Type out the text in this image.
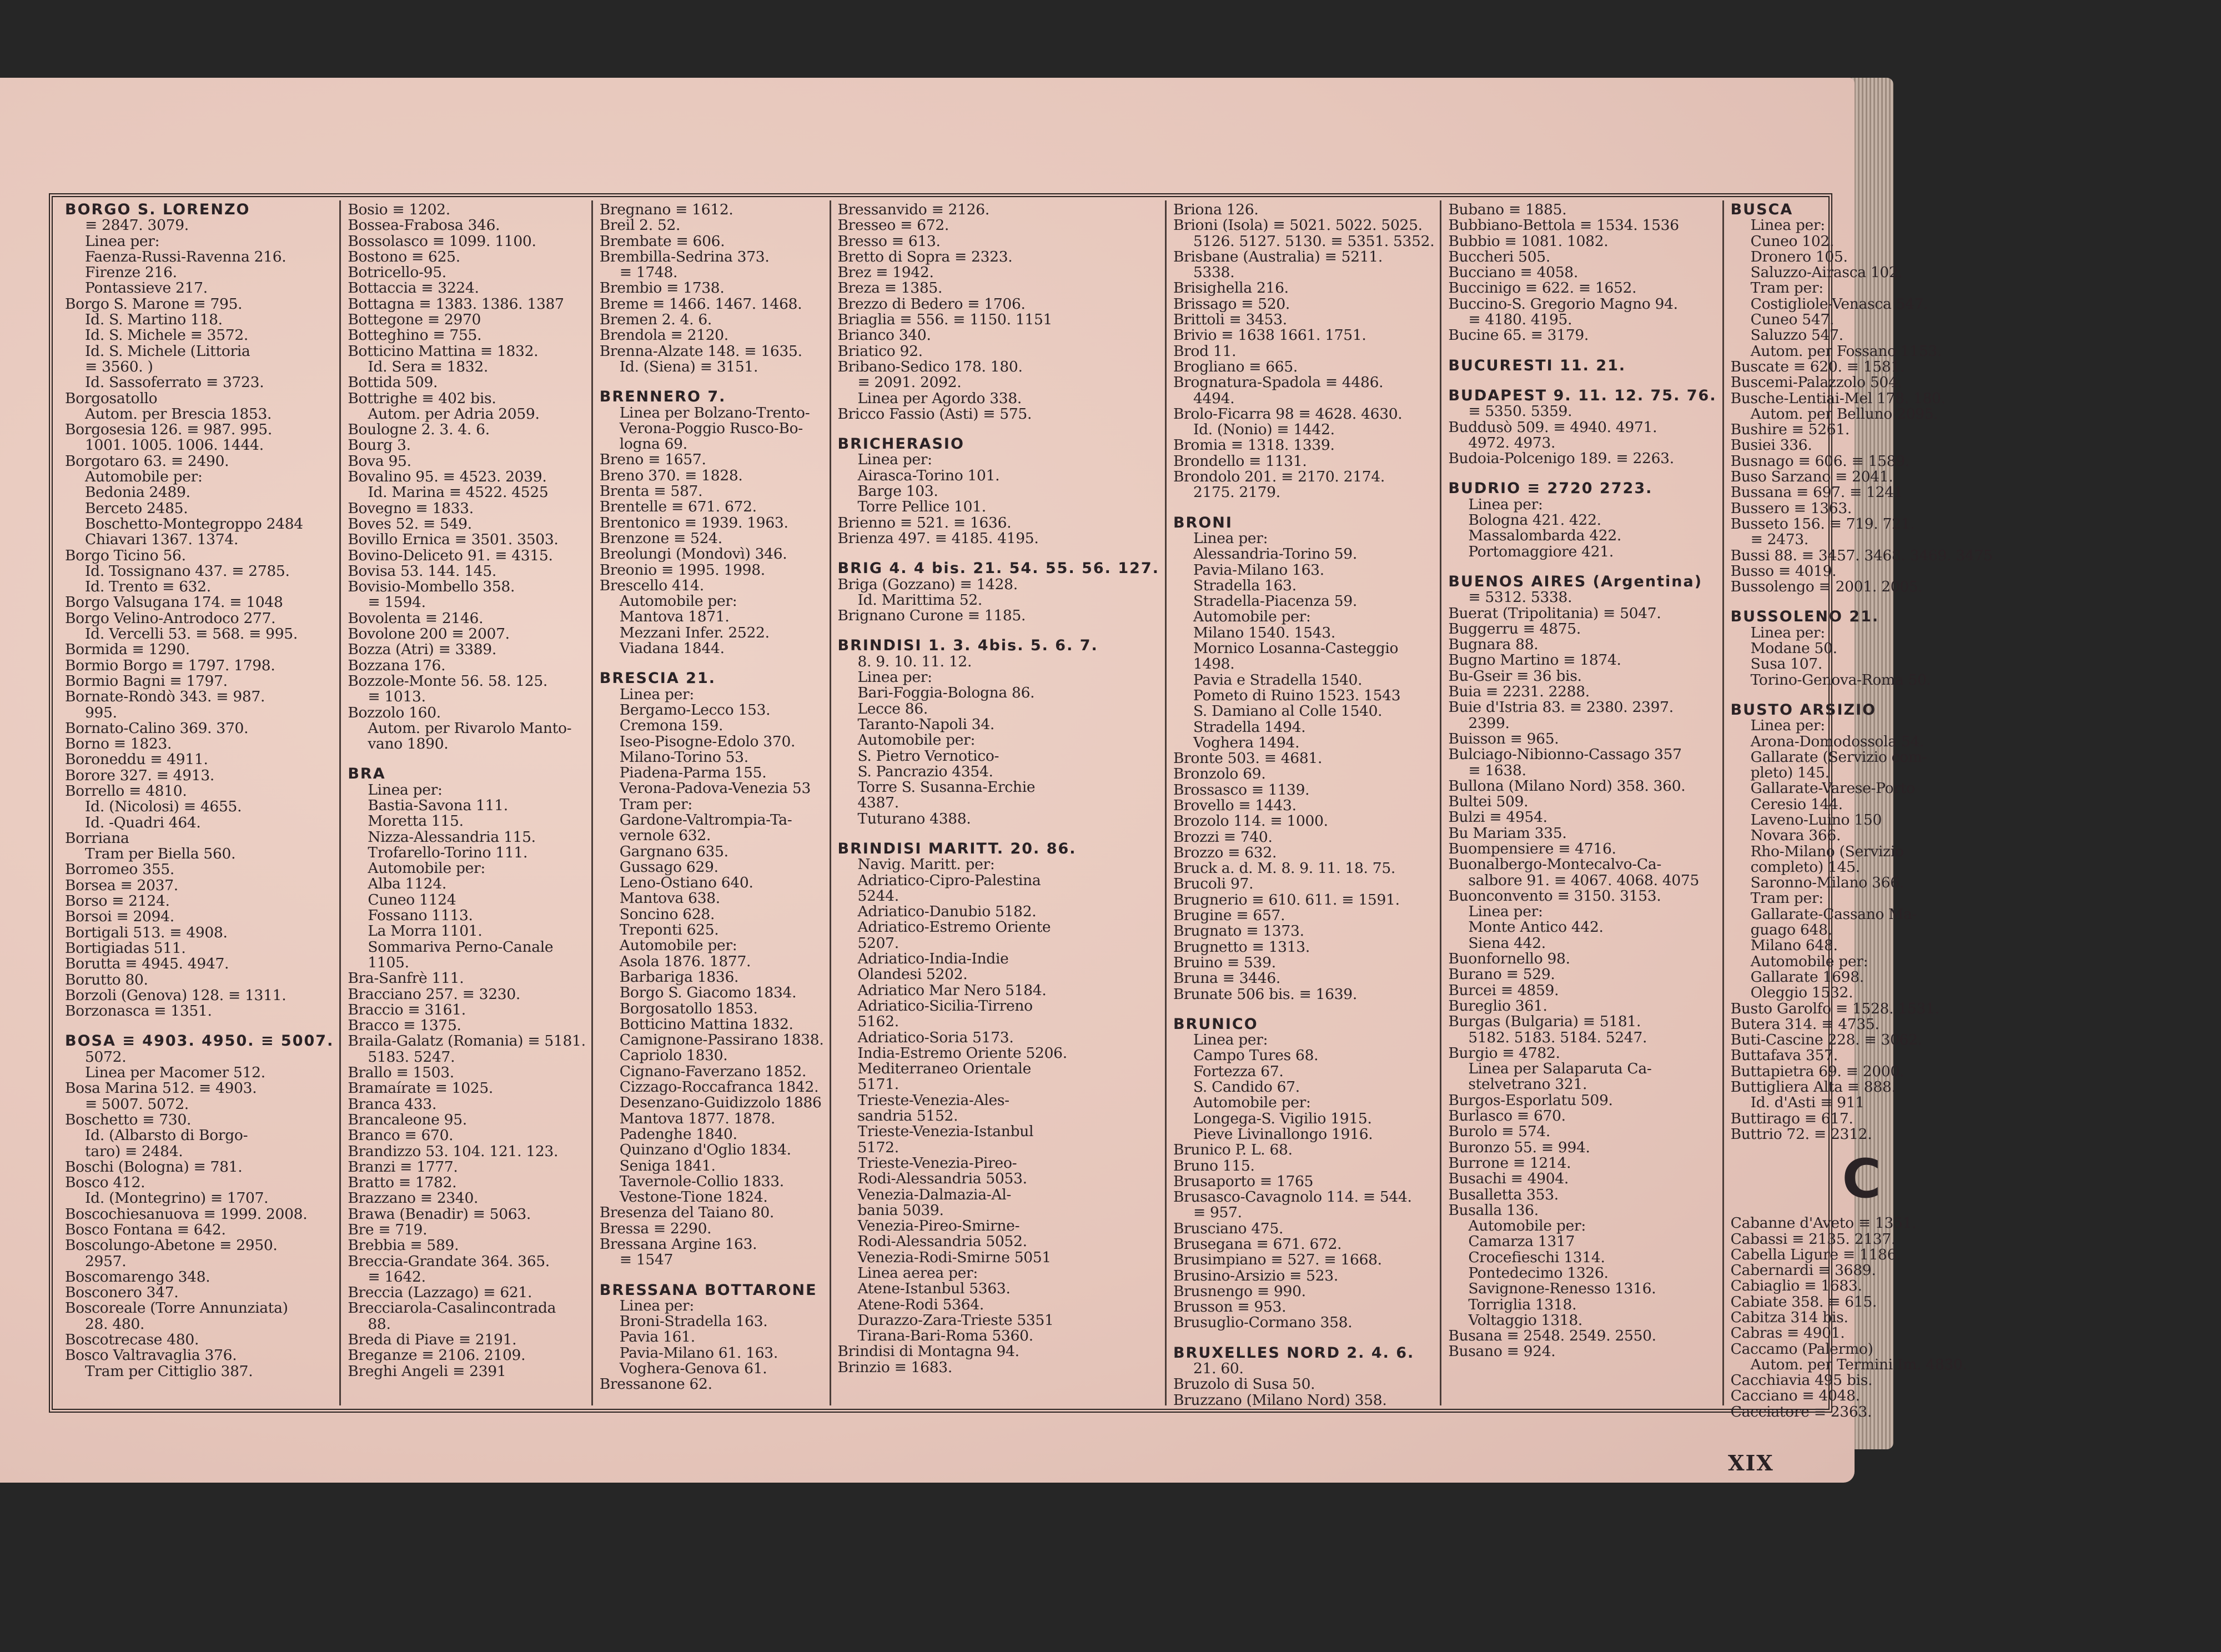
BORGO S. LORENZO

≡ 2847. 3079.

Linea per:

Faenza-Russi-Ravenna 216.

Firenze 216.

Pontassieve 217.

Borgo S. Marone ≡ 795.

Id. S. Martino 118.

Id. S. Michele ≡ 3572.

Id. S. Michele (Littoria

≡ 3560. )

Id. Sassoferrato ≡ 3723.

Borgosatollo

Autom. per Brescia 1853.

Borgosesia 126. ≡ 987. 995.

1001. 1005. 1006. 1444.

Borgotaro 63. ≡ 2490.

Automobile per:

Bedonia 2489.

Berceto 2485.

Boschetto-Montegroppo 2484

Chiavari 1367. 1374.

Borgo Ticino 56.

Id. Tossignano 437. ≡ 2785.

Id. Trento ≡ 632.

Borgo Valsugana 174. ≡ 1048

Borgo Velino-Antrodoco 277.

Id. Vercelli 53. ≡ 568. ≡ 995.

Bormida ≡ 1290.

Bormio Borgo ≡ 1797. 1798.

Bormio Bagni ≡ 1797.

Bornate-Rondò 343. ≡ 987.

995.

Bornato-Calino 369. 370.

Borno ≡ 1823.

Boroneddu ≡ 4911.

Borore 327. ≡ 4913.

Borrello ≡ 4810.

Id. (Nicolosi) ≡ 4655.

Id. -Quadri 464.

Borriana

Tram per Biella 560.

Borromeo 355.

Borsea ≡ 2037.

Borso ≡ 2124.

Borsoi ≡ 2094.

Bortigali 513. ≡ 4908.

Bortigiadas 511.

Borutta ≡ 4945. 4947.

Borutto 80.

Borzoli (Genova) 128. ≡ 1311.

Borzonasca ≡ 1351.

BOSA ≡ 4903. 4950. ≡ 5007.

5072.

Linea per Macomer 512.

Bosa Marina 512. ≡ 4903.

≡ 5007. 5072.

Boschetto ≡ 730.

Id. (Albarsto di Borgo-

taro) ≡ 2484.

Boschi (Bologna) ≡ 781.

Bosco 412.

Id. (Montegrino) ≡ 1707.

Boscochiesanuova ≡ 1999. 2008.

Bosco Fontana ≡ 642.

Boscolungo-Abetone ≡ 2950.

2957.

Boscomarengo 348.

Bosconero 347.

Boscoreale (Torre Annunziata)

28. 480.

Boscotrecase 480.

Bosco Valtravaglia 376.

Tram per Cittiglio 387.

Bosio ≡ 1202.

Bossea-Frabosa 346.

Bossolasco ≡ 1099. 1100.

Bostono ≡ 625.

Botricello-95.

Bottaccia ≡ 3224.

Bottagna ≡ 1383. 1386. 1387

Bottegone ≡ 2970

Botteghino ≡ 755.

Botticino Mattina ≡ 1832.

Id. Sera ≡ 1832.

Bottida 509.

Bottrighe ≡ 402 bis.

Autom. per Adria 2059.

Boulogne 2. 3. 4. 6.

Bourg 3.

Bova 95.

Bovalino 95. ≡ 4523. 2039.

Id. Marina ≡ 4522. 4525

Bovegno ≡ 1833.

Boves 52. ≡ 549.

Bovillo Ernica ≡ 3501. 3503.

Bovino-Deliceto 91. ≡ 4315.

Bovisa 53. 144. 145.

Bovisio-Mombello 358.

≡ 1594.

Bovolenta ≡ 2146.

Bovolone 200 ≡ 2007.

Bozza (Atri) ≡ 3389.

Bozzana 176.

Bozzole-Monte 56. 58. 125.

≡ 1013.

Bozzolo 160.

Autom. per Rivarolo Manto-

vano 1890.

BRA

Linea per:

Bastia-Savona 111.

Moretta 115.

Nizza-Alessandria 115.

Trofarello-Torino 111.

Automobile per:

Alba 1124.

Cuneo 1124

Fossano 1113.

La Morra 1101.

Sommariva Perno-Canale

1105.

Bra-Sanfrè 111.

Bracciano 257. ≡ 3230.

Braccio ≡ 3161.

Bracco ≡ 1375.

Braila-Galatz (Romania) ≡ 5181.

5183. 5247.

Brallo ≡ 1503.

Bramaírate ≡ 1025.

Branca 433.

Brancaleone 95.

Branco ≡ 670.

Brandizzo 53. 104. 121. 123.

Branzi ≡ 1777.

Bratto ≡ 1782.

Brazzano ≡ 2340.

Brawa (Benadir) ≡ 5063.

Bre ≡ 719.

Brebbia ≡ 589.

Breccia-Grandate 364. 365.

≡ 1642.

Breccia (Lazzago) ≡ 621.

Brecciarola-Casalincontrada

88.

Breda di Piave ≡ 2191.

Breganze ≡ 2106. 2109.

Breghi Angeli ≡ 2391

Bregnano ≡ 1612.

Breil 2. 52.

Brembate ≡ 606.

Brembilla-Sedrina 373.

≡ 1748.

Brembio ≡ 1738.

Breme ≡ 1466. 1467. 1468.

Bremen 2. 4. 6.

Brendola ≡ 2120.

Brenna-Alzate 148. ≡ 1635.

Id. (Siena) ≡ 3151.

BRENNERO 7.

Linea per Bolzano-Trento-

Verona-Poggio Rusco-Bo-

logna 69.

Breno ≡ 1657.

Breno 370. ≡ 1828.

Brenta ≡ 587.

Brentelle ≡ 671. 672.

Brentonico ≡ 1939. 1963.

Brenzone ≡ 524.

Breolungi (Mondovì) 346.

Breonio ≡ 1995. 1998.

Brescello 414.

Automobile per:

Mantova 1871.

Mezzani Infer. 2522.

Viadana 1844.

BRESCIA 21.

Linea per:

Bergamo-Lecco 153.

Cremona 159.

Iseo-Pisogne-Edolo 370.

Milano-Torino 53.

Piadena-Parma 155.

Verona-Padova-Venezia 53

Tram per:

Gardone-Valtrompia-Ta-

vernole 632.

Gargnano 635.

Gussago 629.

Leno-Ostiano 640.

Mantova 638.

Soncino 628.

Treponti 625.

Automobile per:

Asola 1876. 1877.

Barbariga 1836.

Borgo S. Giacomo 1834.

Borgosatollo 1853.

Botticino Mattina 1832.

Camignone-Passirano 1838.

Capriolo 1830.

Cignano-Faverzano 1852.

Cizzago-Roccafranca 1842.

Desenzano-Guidizzolo 1886

Mantova 1877. 1878.

Padenghe 1840.

Quinzano d'Oglio 1834.

Seniga 1841.

Tavernole-Collio 1833.

Vestone-Tione 1824.

Bresenza del Taiano 80.

Bressa ≡ 2290.

Bressana Argine 163.

≡ 1547

BRESSANA BOTTARONE

Linea per:

Broni-Stradella 163.

Pavia 161.

Pavia-Milano 61. 163.

Voghera-Genova 61.

Bressanone 62.

Bressanvido ≡ 2126.

Bresseo ≡ 672.

Bresso ≡ 613.

Bretto di Sopra ≡ 2323.

Brez ≡ 1942.

Breza ≡ 1385.

Brezzo di Bedero ≡ 1706.

Briaglia ≡ 556. ≡ 1150. 1151

Brianco 340.

Briatico 92.

Bribano-Sedico 178. 180.

≡ 2091. 2092.

Linea per Agordo 338.

Bricco Fassio (Asti) ≡ 575.

BRICHERASIO

Linea per:

Airasca-Torino 101.

Barge 103.

Torre Pellice 101.

Brienno ≡ 521. ≡ 1636.

Brienza 497. ≡ 4185. 4195.

BRIG 4. 4 bis. 21. 54. 55. 56. 127.

Briga (Gozzano) ≡ 1428.

Id. Marittima 52.

Brignano Curone ≡ 1185.

BRINDISI 1. 3. 4bis. 5. 6. 7.

8. 9. 10. 11. 12.

Linea per:

Bari-Foggia-Bologna 86.

Lecce 86.

Taranto-Napoli 34.

Automobile per:

S. Pietro Vernotico-

S. Pancrazio 4354.

Torre S. Susanna-Erchie

4387.

Tuturano 4388.

BRINDISI MARITT. 20. 86.

Navig. Maritt. per:

Adriatico-Cipro-Palestina

5244.

Adriatico-Danubio 5182.

Adriatico-Estremo Oriente

5207.

Adriatico-India-Indie

Olandesi 5202.

Adriatico Mar Nero 5184.

Adriatico-Sicilia-Tirreno

5162.

Adriatico-Soria 5173.

India-Estremo Oriente 5206.

Mediterraneo Orientale

5171.

Trieste-Venezia-Ales-

sandria 5152.

Trieste-Venezia-Istanbul

5172.

Trieste-Venezia-Pireo-

Rodi-Alessandria 5053.

Venezia-Dalmazia-Al-

bania 5039.

Venezia-Pireo-Smirne-

Rodi-Alessandria 5052.

Venezia-Rodi-Smirne 5051

Linea aerea per:

Atene-Istanbul 5363.

Atene-Rodi 5364.

Durazzo-Zara-Trieste 5351

Tirana-Bari-Roma 5360.

Brindisi di Montagna 94.

Brinzio ≡ 1683.

Briona 126.

Brioni (Isola) ≡ 5021. 5022. 5025.

5126. 5127. 5130. ≡ 5351. 5352.

Brisbane (Australia) ≡ 5211.

5338.

Brisighella 216.

Brissago ≡ 520.

Brittoli ≡ 3453.

Brivio ≡ 1638 1661. 1751.

Brod 11.

Brogliano ≡ 665.

Brognatura-Spadola ≡ 4486.

4494.

Brolo-Ficarra 98 ≡ 4628. 4630.

Id. (Nonio) ≡ 1442.

Bromia ≡ 1318. 1339.

Brondello ≡ 1131.

Brondolo 201. ≡ 2170. 2174.

2175. 2179.

BRONI

Linea per:

Alessandria-Torino 59.

Pavia-Milano 163.

Stradella 163.

Stradella-Piacenza 59.

Automobile per:

Milano 1540. 1543.

Mornico Losanna-Casteggio

1498.

Pavia e Stradella 1540.

Pometo di Ruino 1523. 1543

S. Damiano al Colle 1540.

Stradella 1494.

Voghera 1494.

Bronte 503. ≡ 4681.

Bronzolo 69.

Brossasco ≡ 1139.

Brovello ≡ 1443.

Brozolo 114. ≡ 1000.

Brozzi ≡ 740.

Brozzo ≡ 632.

Bruck a. d. M. 8. 9. 11. 18. 75.

Brucoli 97.

Brugnerio ≡ 610. 611. ≡ 1591.

Brugine ≡ 657.

Brugnato ≡ 1373.

Brugnetto ≡ 1313.

Bruino ≡ 539.

Bruna ≡ 3446.

Brunate 506 bis. ≡ 1639.

BRUNICO

Linea per:

Campo Tures 68.

Fortezza 67.

S. Candido 67.

Automobile per:

Longega-S. Vigilio 1915.

Pieve Livinallongo 1916.

Brunico P. L. 68.

Bruno 115.

Brusaporto ≡ 1765

Brusasco-Cavagnolo 114. ≡ 544.

≡ 957.

Brusciano 475.

Brusegana ≡ 671. 672.

Brusimpiano ≡ 527. ≡ 1668.

Brusino-Arsizio ≡ 523.

Brusnengo ≡ 990.

Brusson ≡ 953.

Brusuglio-Cormano 358.

BRUXELLES NORD 2. 4. 6.

21. 60.

Bruzolo di Susa 50.

Bruzzano (Milano Nord) 358.

Bubano ≡ 1885.

Bubbiano-Bettola ≡ 1534. 1536

Bubbio ≡ 1081. 1082.

Buccheri 505.

Bucciano ≡ 4058.

Buccinigo ≡ 622. ≡ 1652.

Buccino-S. Gregorio Magno 94.

≡ 4180. 4195.

Bucine 65. ≡ 3179.

BUCURESTI 11. 21.

BUDAPEST 9. 11. 12. 75. 76.

≡ 5350. 5359.

Buddusò 509. ≡ 4940. 4971.

4972. 4973.

Budoia-Polcenigo 189. ≡ 2263.

BUDRIO ≡ 2720 2723.

Linea per:

Bologna 421. 422.

Massalombarda 422.

Portomaggiore 421.

BUENOS AIRES (Argentina)

≡ 5312. 5338.

Buerat (Tripolitania) ≡ 5047.

Buggerru ≡ 4875.

Bugnara 88.

Bugno Martino ≡ 1874.

Bu-Gseir ≡ 36 bis.

Buia ≡ 2231. 2288.

Buie d'Istria 83. ≡ 2380. 2397.

2399.

Buisson ≡ 965.

Bulciago-Nibionno-Cassago 357

≡ 1638.

Bullona (Milano Nord) 358. 360.

Bultei 509.

Bulzi ≡ 4954.

Bu Mariam 335.

Buompensiere ≡ 4716.

Buonalbergo-Montecalvo-Ca-

salbore 91. ≡ 4067. 4068. 4075

Buonconvento ≡ 3150. 3153.

Linea per:

Monte Antico 442.

Siena 442.

Buonfornello 98.

Burano ≡ 529.

Burcei ≡ 4859.

Bureglio 361.

Burgas (Bulgaria) ≡ 5181.

5182. 5183. 5184. 5247.

Burgio ≡ 4782.

Linea per Salaparuta Ca-

stelvetrano 321.

Burgos-Esporlatu 509.

Burlasco ≡ 670.

Burolo ≡ 574.

Buronzo 55. ≡ 994.

Burrone ≡ 1214.

Busachi ≡ 4904.

Busalletta 353.

Busalla 136.

Automobile per:

Camarza 1317

Crocefieschi 1314.

Pontedecimo 1326.

Savignone-Renesso 1316.

Torriglia 1318.

Voltaggio 1318.

Busana ≡ 2548. 2549. 2550.

Busano ≡ 924.

BUSCA

Linea per:

Cuneo 102.

Dronero 105.

Saluzzo-Airasca 102.

Tram per:

Costigliole-Venasca 547.

Cuneo 547.

Saluzzo 547.

Autom. per Fossano 1153.

Buscate ≡ 620. ≡ 1581.

Buscemi-Palazzolo 504.

Busche-Lentiai-Mel 178. 180.

Autom. per Belluno 2095.

Bushire ≡ 5261.

Busiei 336.

Busnago ≡ 606. ≡ 1589.

Buso Sarzano ≡ 2041.

Bussana ≡ 697. ≡ 1241

Bussero ≡ 1363.

Busseto 156. ≡ 719. 721.

≡ 2473.

Bussi 88. ≡ 3457. 3468. 3469. 3475

Busso ≡ 4019.

Bussolengo ≡ 2001. 2005.

BUSSOLENO 21.

Linea per:

Modane 50.

Susa 107.

Torino-Genova-Roma 50.

BUSTO ARSIZIO

Linea per:

Arona-Domodossola 54.

Gallarate (Servizio com-

pleto) 145.

Gallarate-Varese-Porto

Ceresio 144.

Laveno-Luino 150

Novara 366.

Rho-Milano (Servizio

completo) 145.

Saronno-Milano 366.

Tram per:

Gallarate-Cassano Ma-

guago 648.

Milano 648.

Automobile per:

Gallarate 1698.

Oleggio 1532.

Busto Garolfo ≡ 1528. 1531.

Butera 314. ≡ 4735.

Buti-Cascine 228. ≡ 3062.

Buttafava 357.

Buttapietra 69. ≡ 2000.

Buttigliera Alta ≡ 888.

Id. d'Asti ≡ 911

Buttirago ≡ 617.

Buttrio 72. ≡ 2312.

C

Cabanne d'Aveto ≡ 1351.

Cabassi ≡ 2135. 2137.

Cabella Ligure ≡ 1186.

Cabernardi ≡ 3689.

Cabiaglio ≡ 1683.

Cabiate 358. ≡ 615.

Cabitza 314 bis.

Cabras ≡ 4901.

Caccamo (Palermo)

Autom. per Termini Im. 4830.

Cacchiavia 495 bis.

Cacciano ≡ 4048.

Cacciatore ≡ 2363.

XIX
